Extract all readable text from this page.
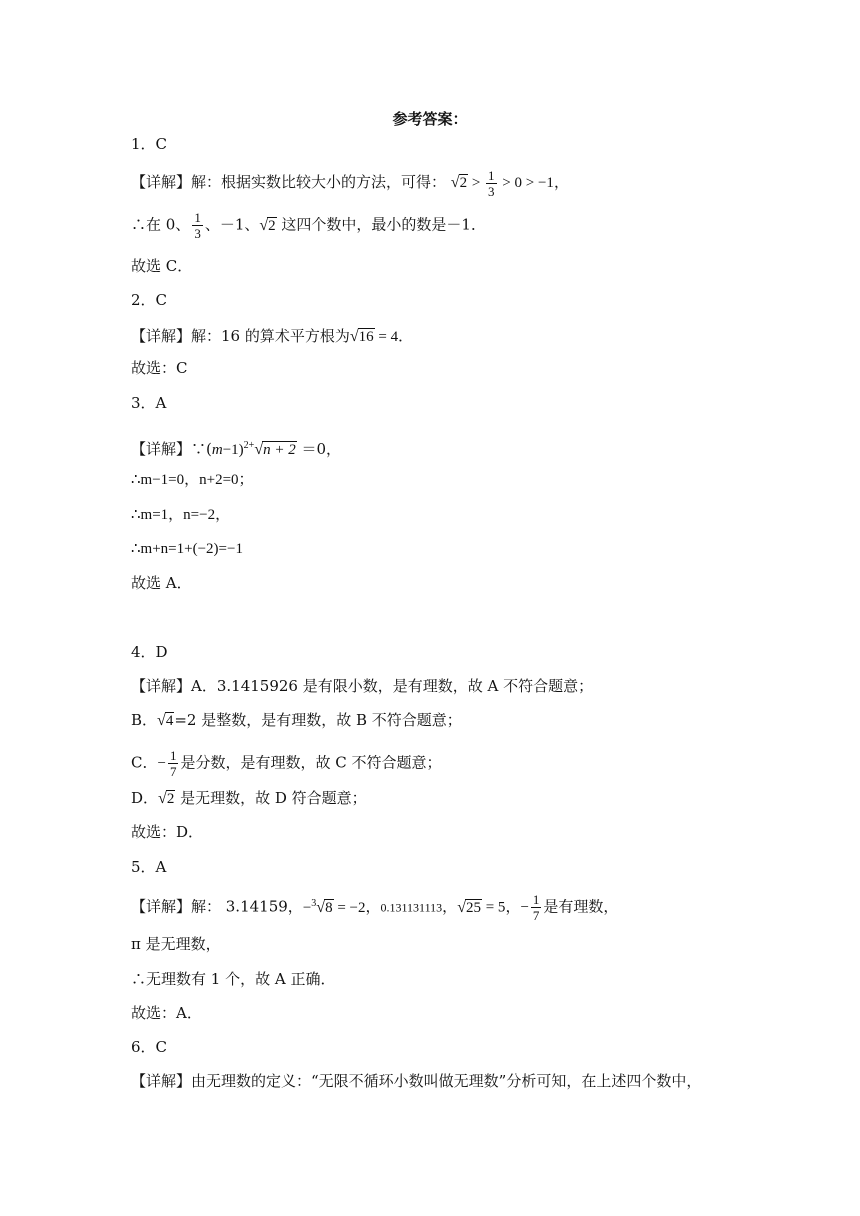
参考答案：
1．C
【详解】解：根据实数比较大小的方法，可得： $√2 > \frac{1}{3} > 0 > -1$，
∴在 0、 $\frac{1}{3}$ 、－1、√2 这四个数中，最小的数是－1．
故选 C．
2．C
【详解】解：16 的算术平方根为√16 = 4．
故选：C
3．A
【详解】$\because(m-1)^{2+}√n + 2 =0$，
∴m−1=0，n+2=0；
∴m=1，n=−2，
∴m+n=1+(−2)=−1
故选 A．
4．D
【详解】A．3.1415926 是有限小数，是有理数，故 A 不符合题意；
B．√4=2 是整数，是有理数，故 B 不符合题意；
C．− $\frac{1}{7}$ 是分数，是有理数，故 C 不符合题意；
D．√2 是无理数，故 D 符合题意；
故选：D．
5．A
【详解】解： 3.14159，−$^3$√8 = −2，0.131131113，√25 = 5，− $\frac{1}{7}$ 是有理数，
π 是无理数，
∴无理数有 1 个，故 A 正确．
故选：A．
6．C
【详解】由无理数的定义：“无限不循环小数叫做无理数”分析可知，在上述四个数中，
